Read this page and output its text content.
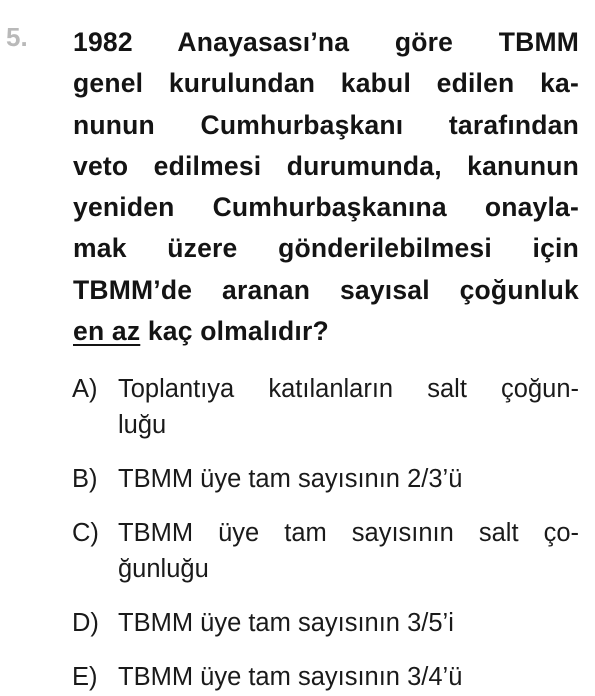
5. 1982 Anayasası’na göre TBMM
genel kurulundan kabul edilen ka-
nunun Cumhurbaşkanı tarafından
veto edilmesi durumunda, kanunun
yeniden Cumhurbaşkanına onayla-
mak üzere gönderilebilmesi için
TBMM’de aranan sayısal çoğunluk
en az kaç olmalıdır?
A) Toplantıya katılanların salt çoğun-
luğu
B) TBMM üye tam sayısının 2/3’ü
C) TBMM üye tam sayısının salt ço-
ğunluğu
D) TBMM üye tam sayısının 3/5’i
E) TBMM üye tam sayısının 3/4’ü
